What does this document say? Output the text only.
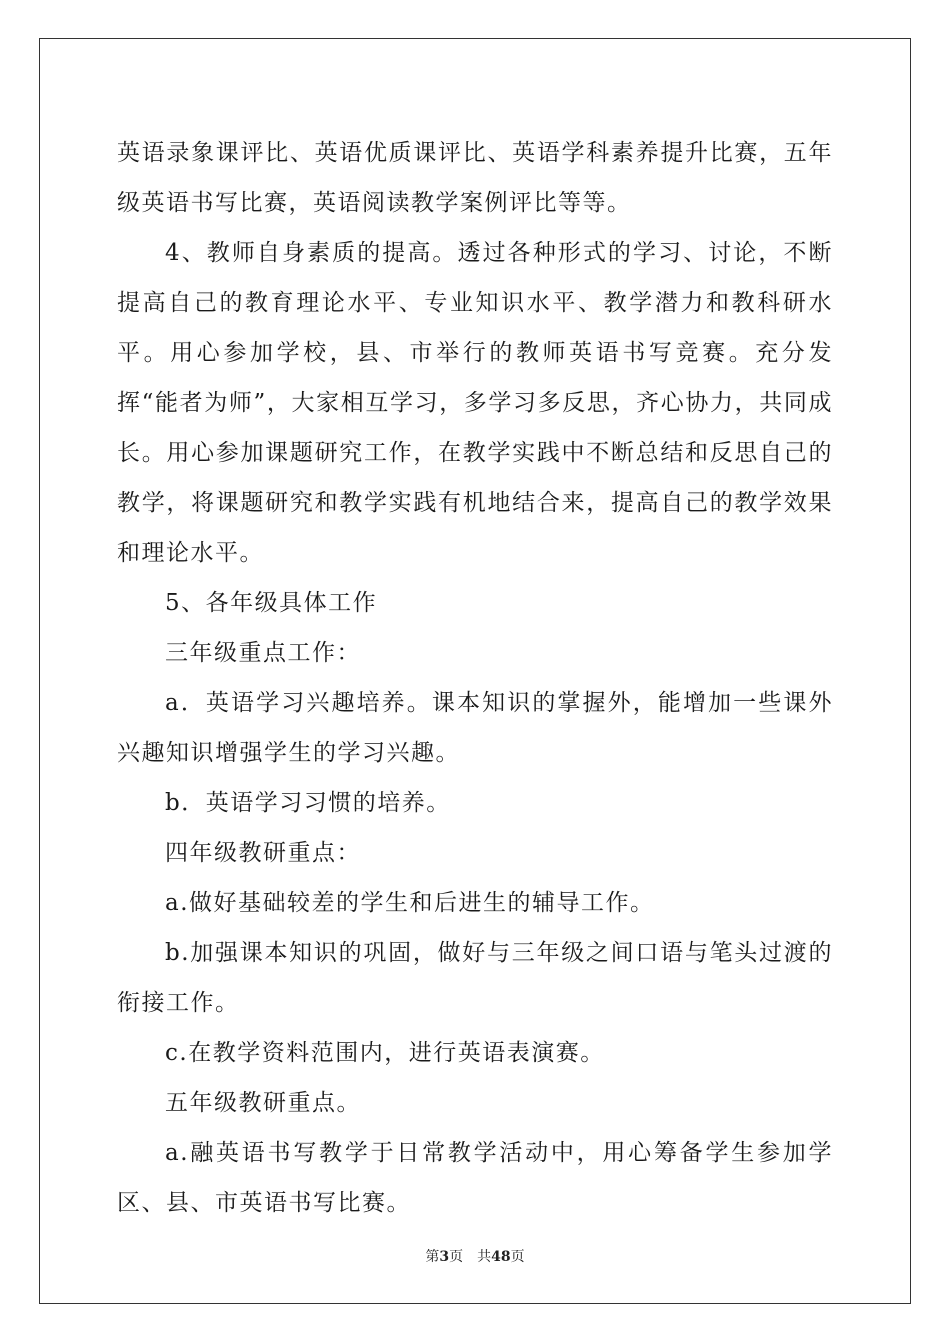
英语录象课评比、英语优质课评比、英语学科素养提升比赛，五年级英语书写比赛，英语阅读教学案例评比等等。

4、教师自身素质的提高。透过各种形式的学习、讨论，不断提高自己的教育理论水平、专业知识水平、教学潜力和教科研水平。用心参加学校，县、市举行的教师英语书写竞赛。充分发挥“能者为师”，大家相互学习，多学习多反思，齐心协力，共同成长。用心参加课题研究工作，在教学实践中不断总结和反思自己的教学，将课题研究和教学实践有机地结合来，提高自己的教学效果和理论水平。

5、各年级具体工作

三年级重点工作：

a．英语学习兴趣培养。课本知识的掌握外，能增加一些课外兴趣知识增强学生的学习兴趣。

b．英语学习习惯的培养。

四年级教研重点：

a.做好基础较差的学生和后进生的辅导工作。

b.加强课本知识的巩固，做好与三年级之间口语与笔头过渡的衔接工作。

c.在教学资料范围内，进行英语表演赛。

五年级教研重点。

a.融英语书写教学于日常教学活动中，用心筹备学生参加学区、县、市英语书写比赛。

第3页 共48页
